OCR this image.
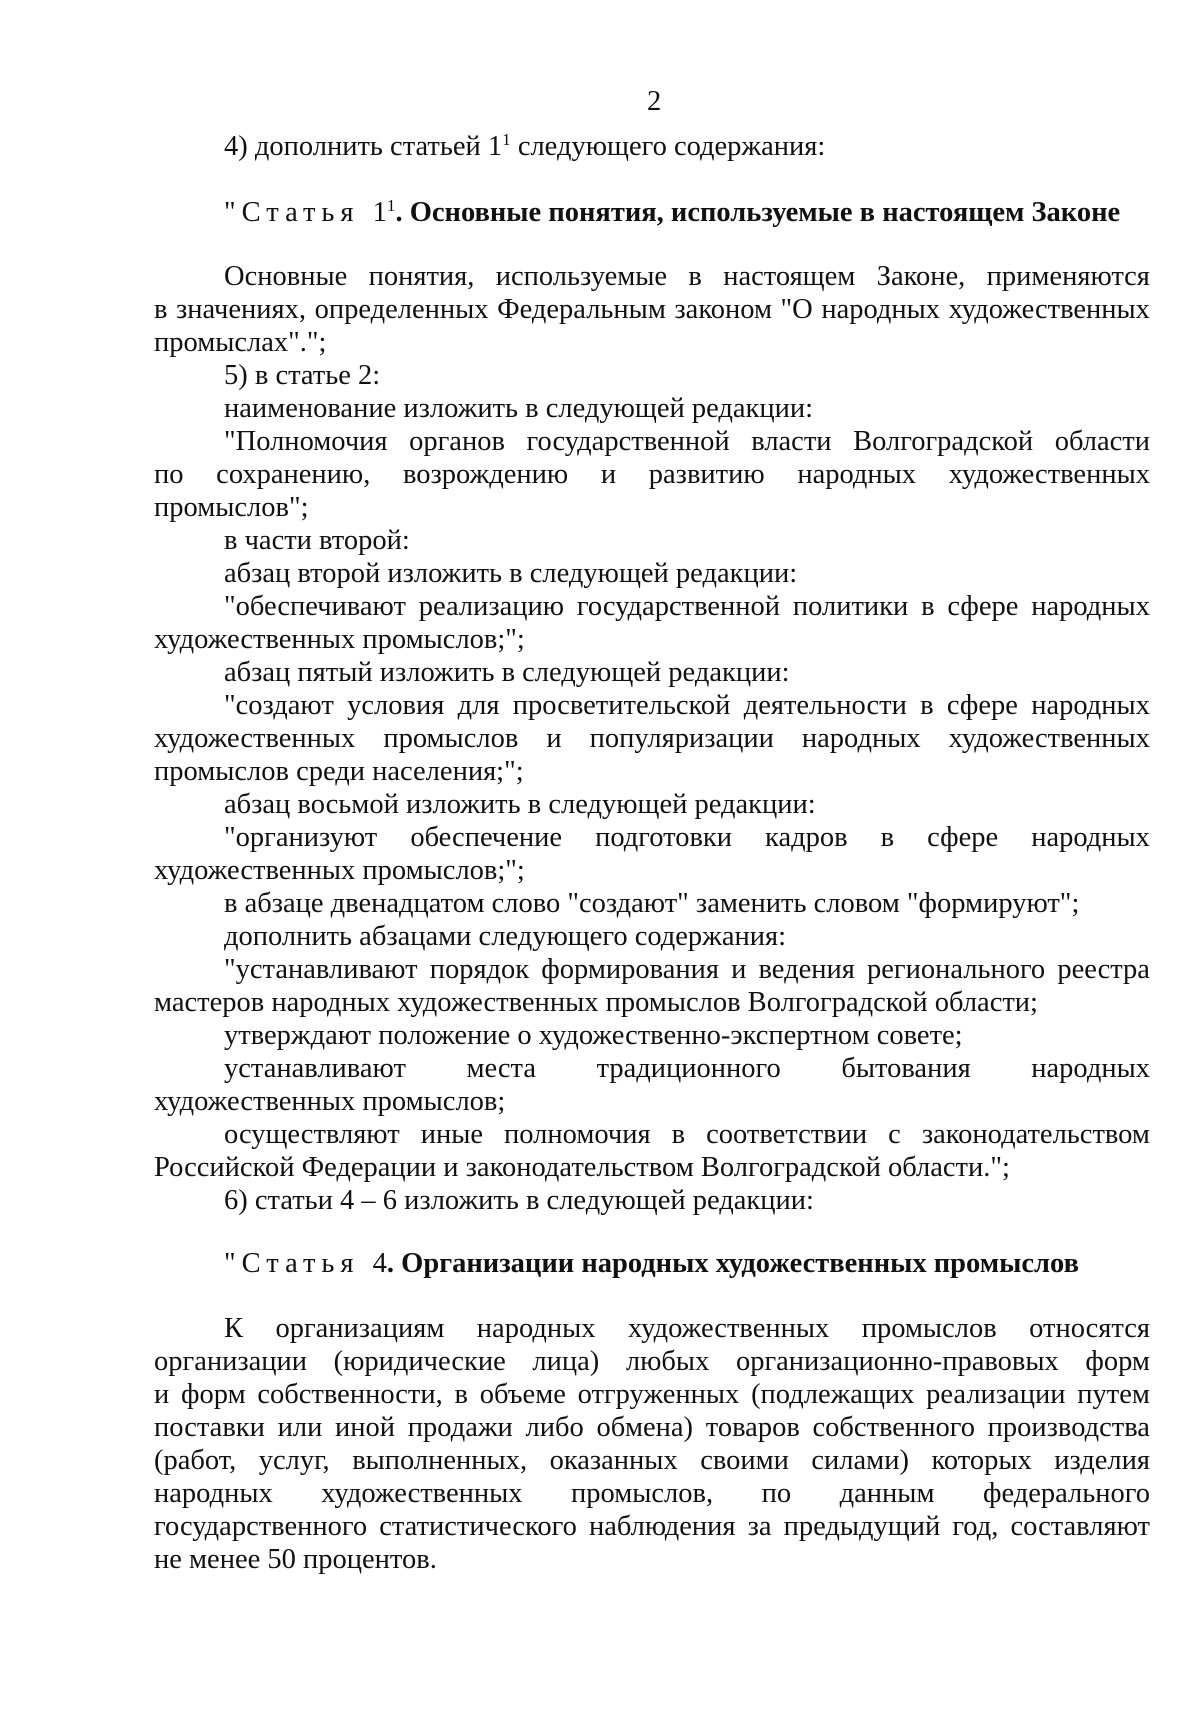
2
4) дополнить статьей $1^1$ следующего содержания:
"Статья $1^1$. Основные понятия, используемые в настоящем Законе
Основные понятия, используемые в настоящем Законе, применяются
в значениях, определенных Федеральным законом "О народных художественных
промыслах".";
5) в статье 2:
наименование изложить в следующей редакции:
"Полномочия органов государственной власти Волгоградской области
по сохранению, возрождению и развитию народных художественных
промыслов";
в части второй:
абзац второй изложить в следующей редакции:
"обеспечивают реализацию государственной политики в сфере народных
художественных промыслов;";
абзац пятый изложить в следующей редакции:
"создают условия для просветительской деятельности в сфере народных
художественных промыслов и популяризации народных художественных
промыслов среди населения;";
абзац восьмой изложить в следующей редакции:
"организуют обеспечение подготовки кадров в сфере народных
художественных промыслов;";
в абзаце двенадцатом слово "создают" заменить словом "формируют";
дополнить абзацами следующего содержания:
"устанавливают порядок формирования и ведения регионального реестра
мастеров народных художественных промыслов Волгоградской области;
утверждают положение о художественно-экспертном совете;
устанавливают места традиционного бытования народных
художественных промыслов;
осуществляют иные полномочия в соответствии с законодательством
Российской Федерации и законодательством Волгоградской области.";
6) статьи 4 – 6 изложить в следующей редакции:
"Статья 4. Организации народных художественных промыслов
К организациям народных художественных промыслов относятся
организации (юридические лица) любых организационно-правовых форм
и форм собственности, в объеме отгруженных (подлежащих реализации путем
поставки или иной продажи либо обмена) товаров собственного производства
(работ, услуг, выполненных, оказанных своими силами) которых изделия
народных художественных промыслов, по данным федерального
государственного статистического наблюдения за предыдущий год, составляют
не менее 50 процентов.
